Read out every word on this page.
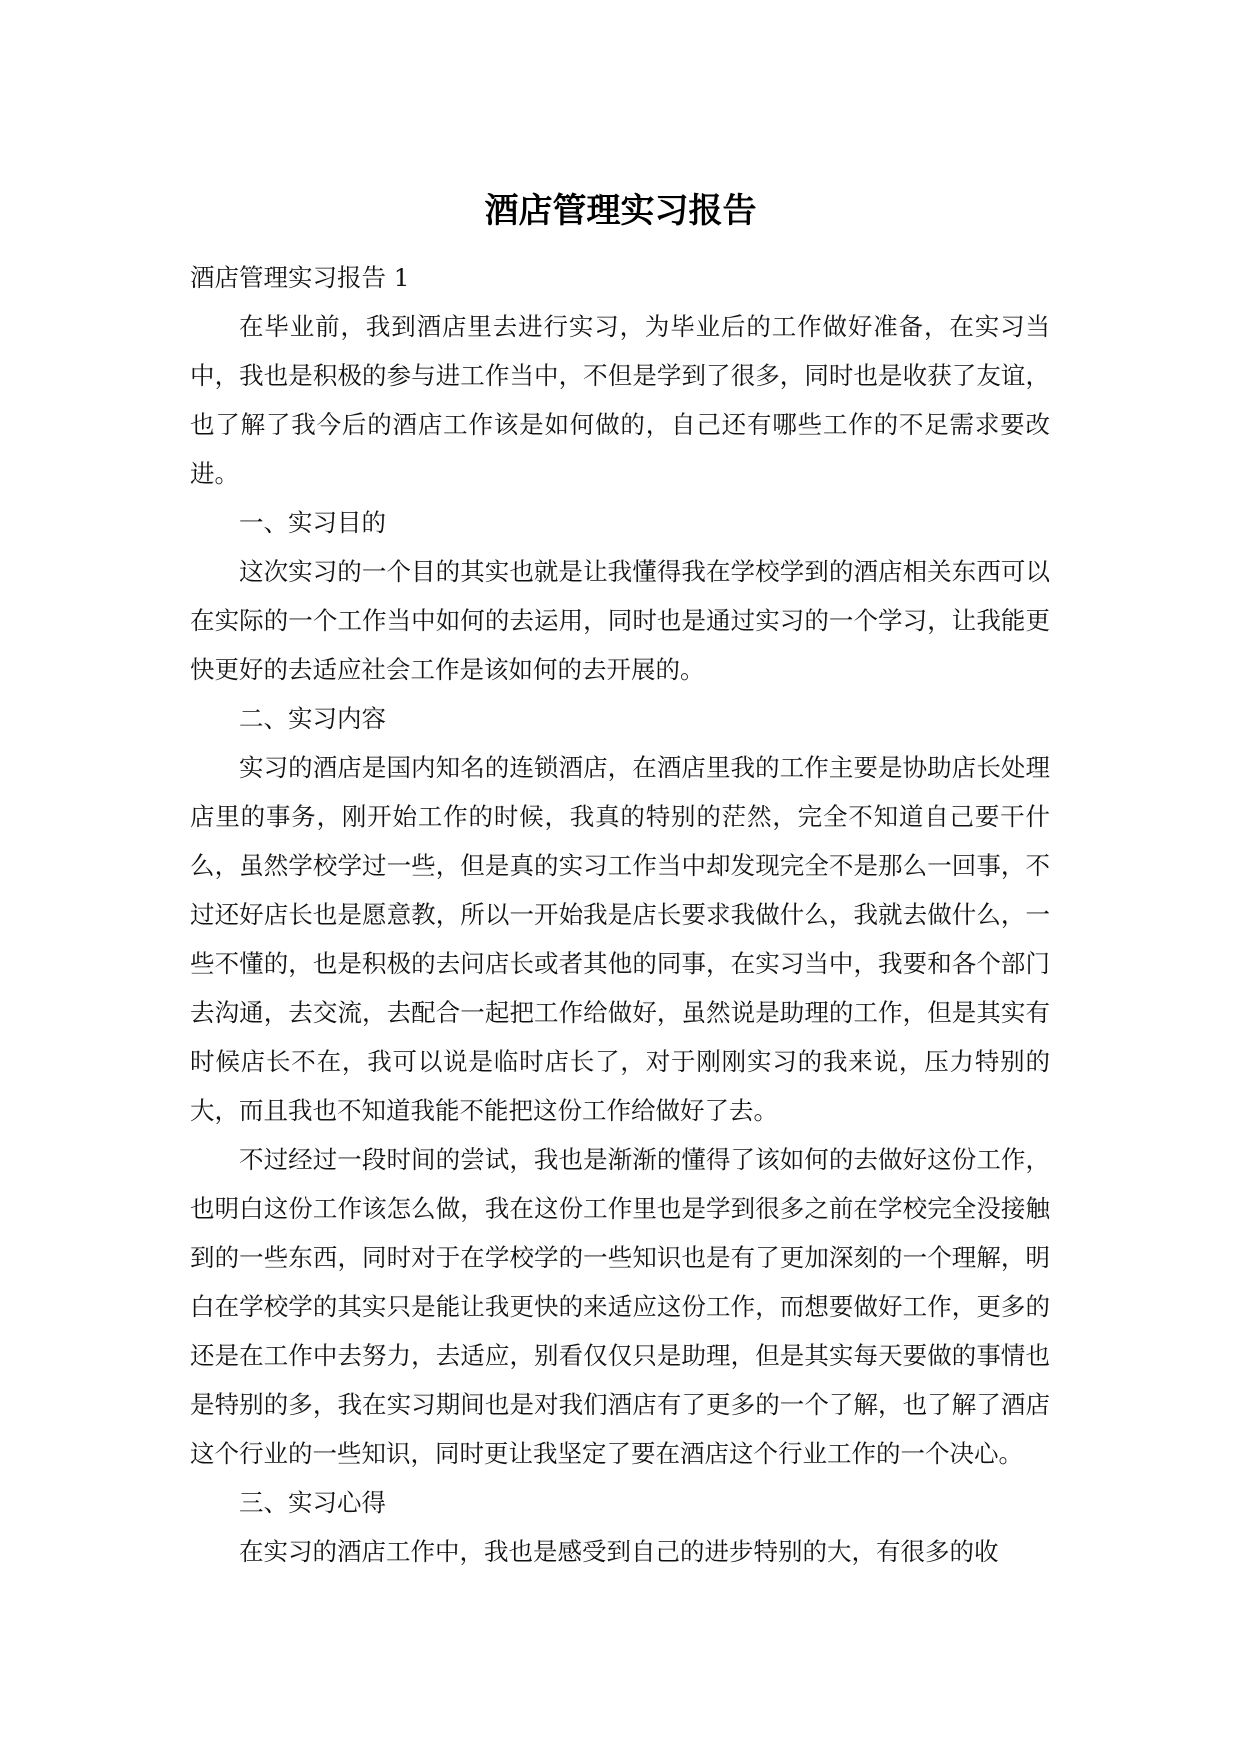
酒店管理实习报告

酒店管理实习报告 1

在毕业前，我到酒店里去进行实习，为毕业后的工作做好准备，在实习当中，我也是积极的参与进工作当中，不但是学到了很多，同时也是收获了友谊，也了解了我今后的酒店工作该是如何做的，自己还有哪些工作的不足需求要改进。

一、实习目的

这次实习的一个目的其实也就是让我懂得我在学校学到的酒店相关东西可以在实际的一个工作当中如何的去运用，同时也是通过实习的一个学习，让我能更快更好的去适应社会工作是该如何的去开展的。

二、实习内容

实习的酒店是国内知名的连锁酒店，在酒店里我的工作主要是协助店长处理店里的事务，刚开始工作的时候，我真的特别的茫然，完全不知道自己要干什么，虽然学校学过一些，但是真的实习工作当中却发现完全不是那么一回事，不过还好店长也是愿意教，所以一开始我是店长要求我做什么，我就去做什么，一些不懂的，也是积极的去问店长或者其他的同事，在实习当中，我要和各个部门去沟通，去交流，去配合一起把工作给做好，虽然说是助理的工作，但是其实有时候店长不在，我可以说是临时店长了，对于刚刚实习的我来说，压力特别的大，而且我也不知道我能不能把这份工作给做好了去。

不过经过一段时间的尝试，我也是渐渐的懂得了该如何的去做好这份工作，也明白这份工作该怎么做，我在这份工作里也是学到很多之前在学校完全没接触到的一些东西，同时对于在学校学的一些知识也是有了更加深刻的一个理解，明白在学校学的其实只是能让我更快的来适应这份工作，而想要做好工作，更多的还是在工作中去努力，去适应，别看仅仅只是助理，但是其实每天要做的事情也是特别的多，我在实习期间也是对我们酒店有了更多的一个了解，也了解了酒店这个行业的一些知识，同时更让我坚定了要在酒店这个行业工作的一个决心。

三、实习心得

在实习的酒店工作中，我也是感受到自己的进步特别的大，有很多的收
